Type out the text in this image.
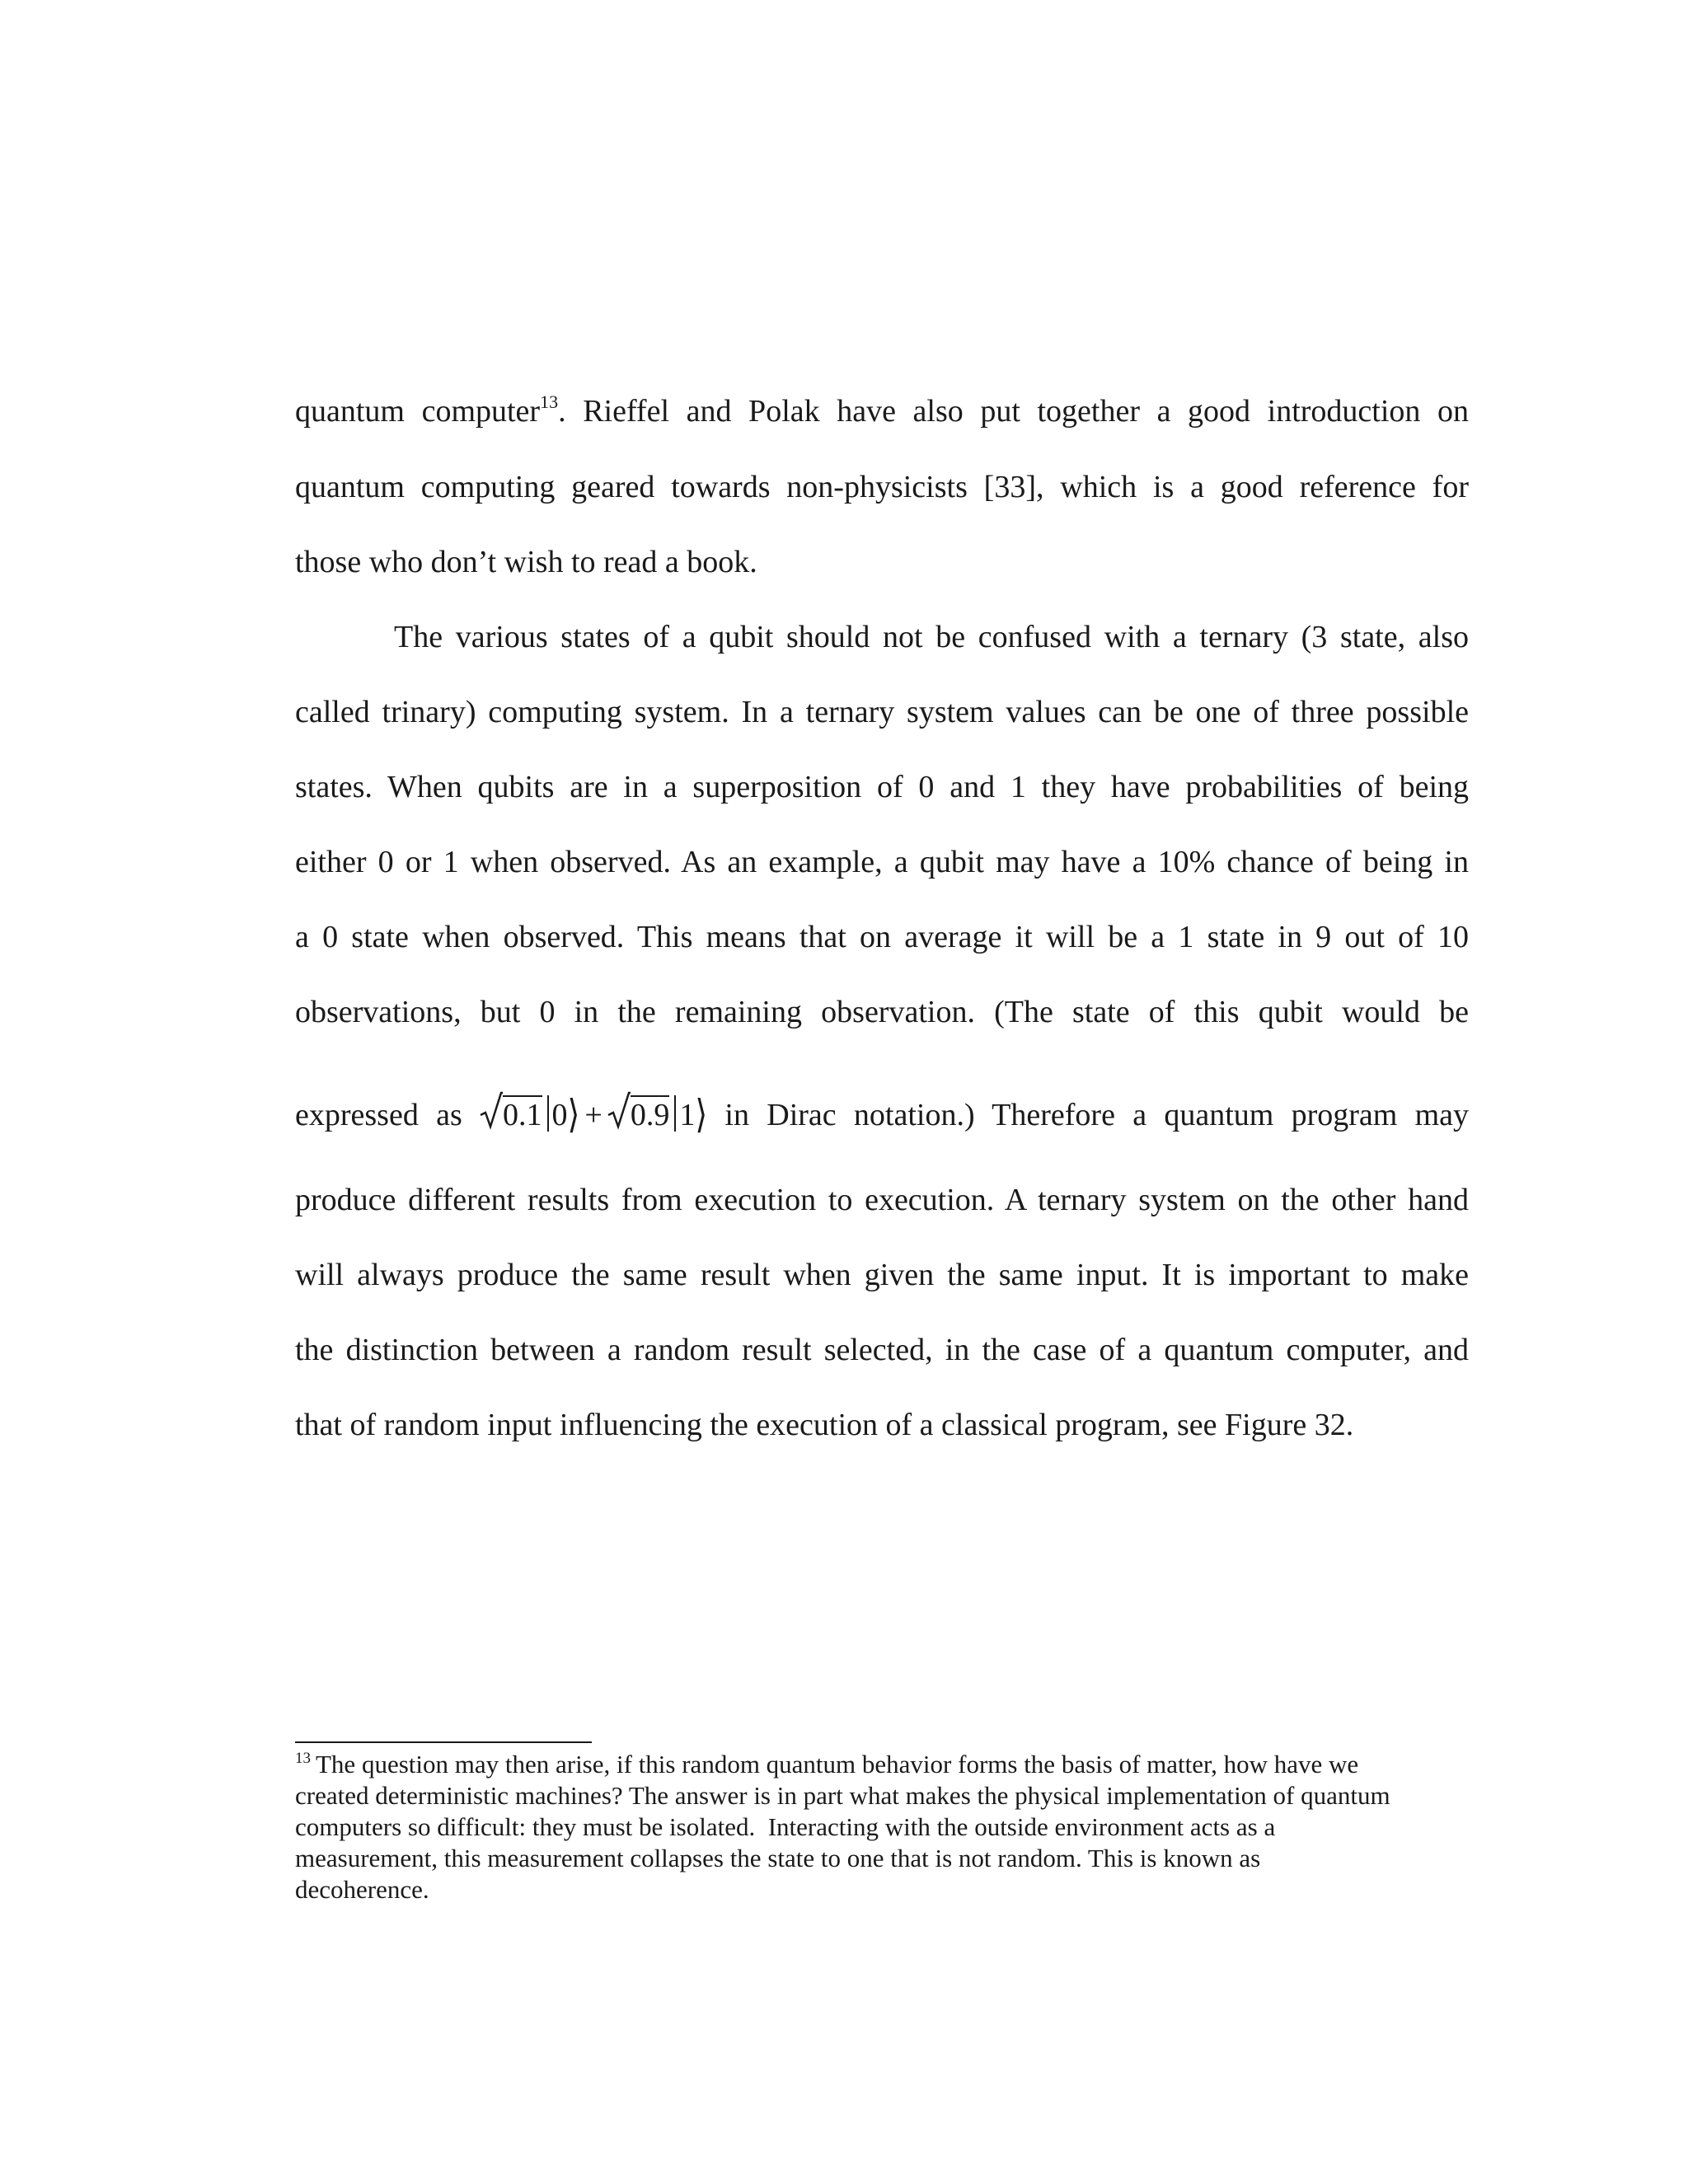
quantum computer$^{13}$. Rieffel and Polak have also put together a good introduction on
quantum computing geared towards non-physicists [33], which is a good reference for
those who don’t wish to read a book.
The various states of a qubit should not be confused with a ternary (3 state, also
called trinary) computing system. In a ternary system values can be one of three possible
states. When qubits are in a superposition of 0 and 1 they have probabilities of being
either 0 or 1 when observed. As an example, a qubit may have a 10% chance of being in
a 0 state when observed. This means that on average it will be a 1 state in 9 out of 10
observations, but 0 in the remaining observation. (The state of this qubit would be
expressed as 0.1 0⟩ + 0.9 1⟩ in Dirac notation.) Therefore a quantum program may
produce different results from execution to execution. A ternary system on the other hand
will always produce the same result when given the same input. It is important to make
the distinction between a random result selected, in the case of a quantum computer, and
that of random input influencing the execution of a classical program, see Figure 32.
$^{13}$ The question may then arise, if this random quantum behavior forms the basis of matter, how have we
created deterministic machines? The answer is in part what makes the physical implementation of quantum
computers so difficult: they must be isolated.  Interacting with the outside environment acts as a
measurement, this measurement collapses the state to one that is not random. This is known as
decoherence.
